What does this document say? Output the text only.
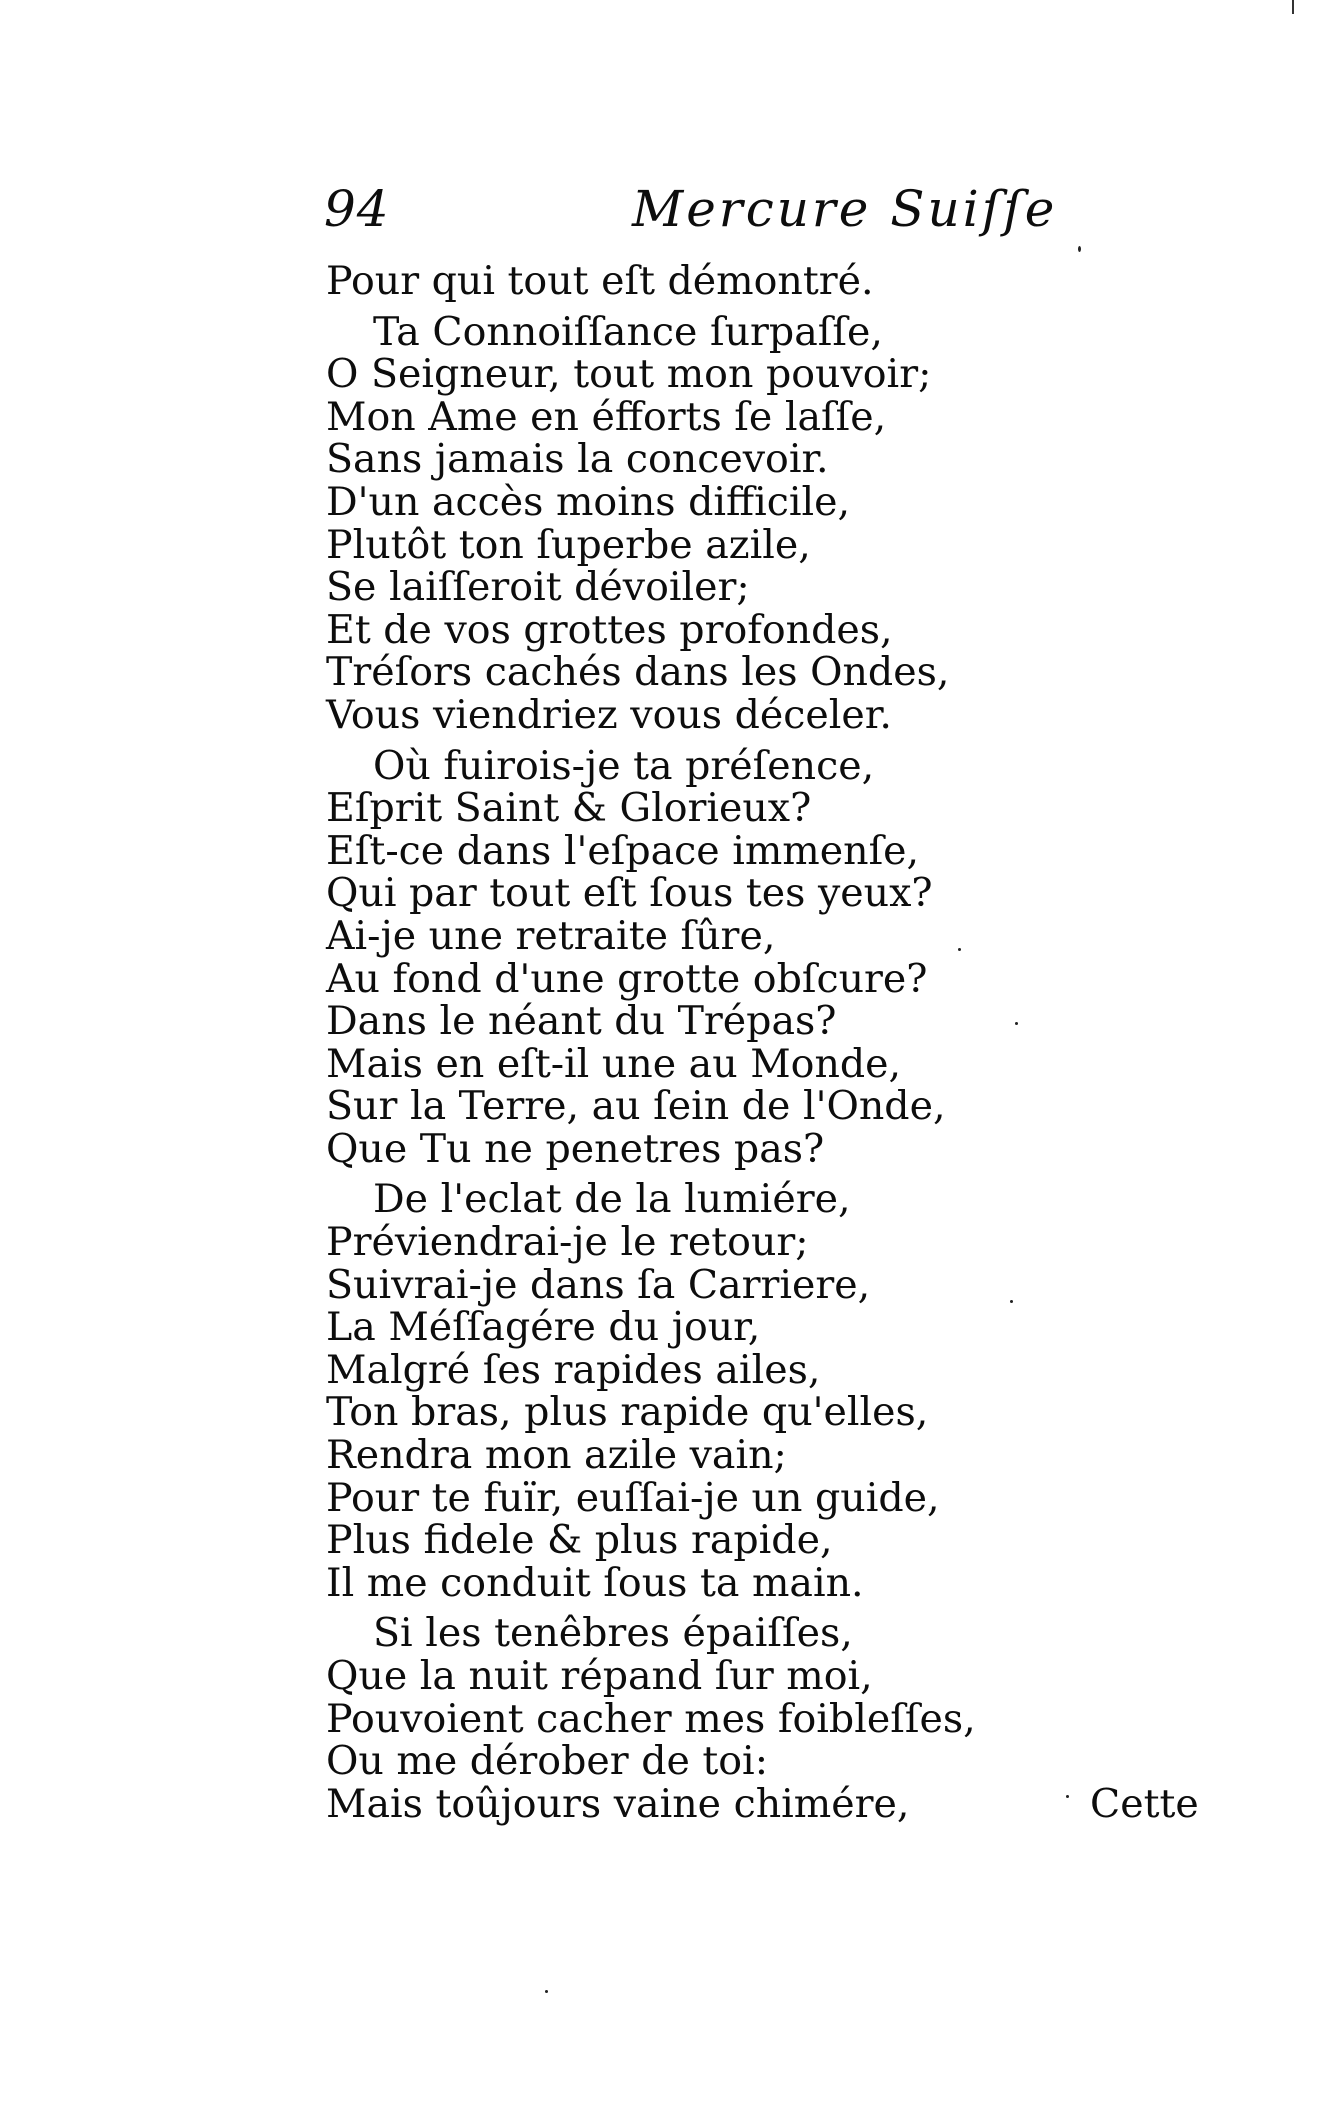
94	Mercure Suiſſe
Pour qui tout eſt démontré.
Ta Connoiſſance ſurpaſſe,
O Seigneur, tout mon pouvoir;
Mon Ame en éfforts ſe laſſe,
Sans jamais la concevoir.
D'un accès moins difficile,
Plutôt ton ſuperbe azile,
Se laiſſeroit dévoiler;
Et de vos grottes profondes,
Tréſors cachés dans les Ondes,
Vous viendriez vous déceler.
Où fuirois-je ta préſence,
Eſprit Saint & Glorieux?
Eſt-ce dans l'eſpace immenſe,
Qui par tout eſt ſous tes yeux?
Ai-je une retraite ſûre,
Au fond d'une grotte obſcure?
Dans le néant du Trépas?
Mais en eſt-il une au Monde,
Sur la Terre, au ſein de l'Onde,
Que Tu ne penetres pas?
De l'eclat de la lumiére,
Préviendrai-je le retour;
Suivrai-je dans ſa Carriere,
La Méſſagére du jour,
Malgré ſes rapides ailes,
Ton bras, plus rapide qu'elles,
Rendra mon azile vain;
Pour te fuïr, euſſai-je un guide,
Plus fidele & plus rapide,
Il me conduit ſous ta main.
Si les tenêbres épaiſſes,
Que la nuit répand ſur moi,
Pouvoient cacher mes foibleſſes,
Ou me dérober de toi:
Mais toûjours vaine chimére,	Cette
